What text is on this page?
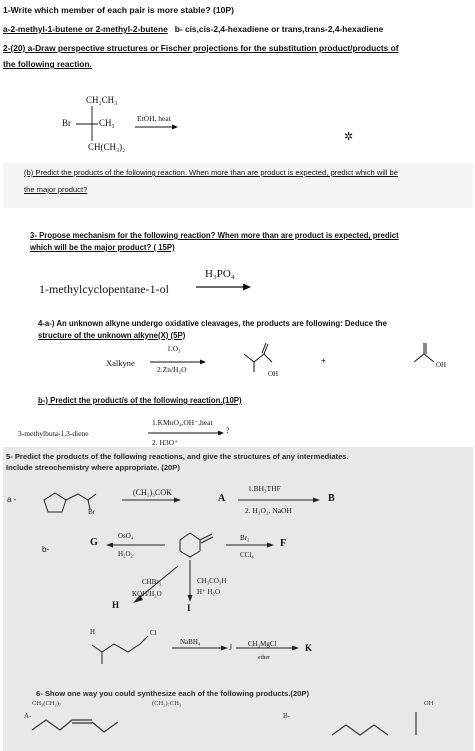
1-Write which member of each pair is more stable? (10P)
a-2-methyl-1-butene or 2-methyl-2-butene b- cis,cis-2,4-hexadiene or trans,trans-2,4-hexadiene
2-(20) a-Draw perspective structures or Fischer projections for the substitution product/products of
the following reaction.
CH₂CH₃
Br	CH₃
CH(CH₃)₂
EtOH, heat
✲
(b) Predict the products of the following reaction. When more than are product is expected, predict which will be
the major product?
3- Propose mechanism for the following reaction? When more than are product is expected, predict
which will be the major product? ( 15P)
1-methylcyclopentane-1-ol
H₃PO₄
4-a-) An unknown alkyne undergo oxidative cleavages, the products are following: Deduce the
structure of the unknown alkyne(X) (5P)
Xalkyne
1.O₃
2.Zn/H₂O	OH
+	OH
b-) Predict the product/s of the following reaction.(10P)
3-methylbuta-1,3-diene
1.KMnO₄,OH⁻,heat
2. H3O⁺
?
5- Predict the products of the following reactions, and give the structures of any intermediates.
Include streochemistry where appropriate. (20P)
a -
Br
(CH₃)₃COK
A
1.BH₃THF
2. H₂O₂, NaOH
B
b-
G
OsO₄
H₂O₂
Br₂
CCl₄
F
CHBr₃
KOH/H₂O
H
CH₃CO₃H
H⁺ H₂O
I
H	Cl
NaBH₄
J CH₃MgCl
ether
K
6- Show one way you could synthesize each of the following products.(20P)
CH₃(CH₂)₇	(CH₂)₇CH₃	OH
A-	B-
